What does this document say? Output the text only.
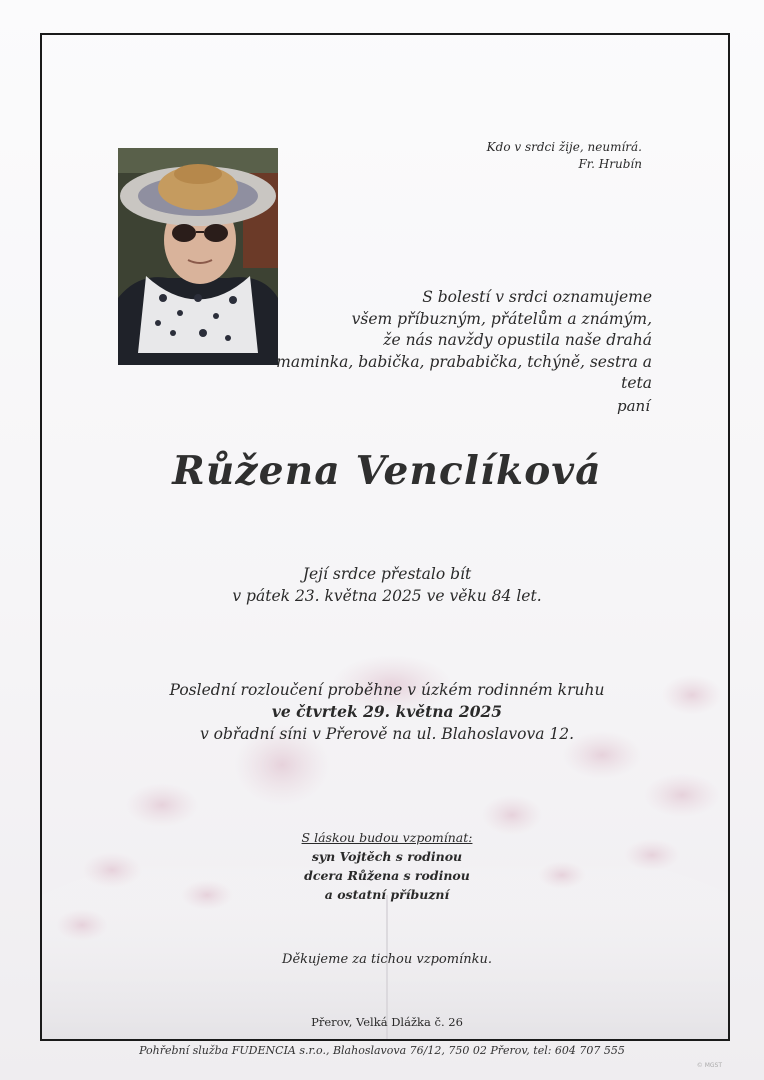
Kdo v srdci žije, neumírá.
Fr. Hrubín
S bolestí v srdci oznamujeme
všem příbuzným, přátelům a známým,
že nás navždy opustila naše drahá
maminka, babička, prababička, tchýně, sestra a teta
paní
Růžena Venclíková
Její srdce přestalo bít
v pátek 23. května 2025 ve věku 84 let.
Poslední rozloučení proběhne v úzkém rodinném kruhu
ve čtvrtek 29. května 2025
v obřadní síni v Přerově na ul. Blahoslavova 12.
S láskou budou vzpomínat:
syn Vojtěch s rodinou
dcera Růžena s rodinou
a ostatní příbuzní
Děkujeme za tichou vzpomínku.
Přerov, Velká Dlážka č. 26
Pohřební služba FUDENCIA s.r.o., Blahoslavova 76/12, 750 02 Přerov, tel: 604 707 555
© MGST
